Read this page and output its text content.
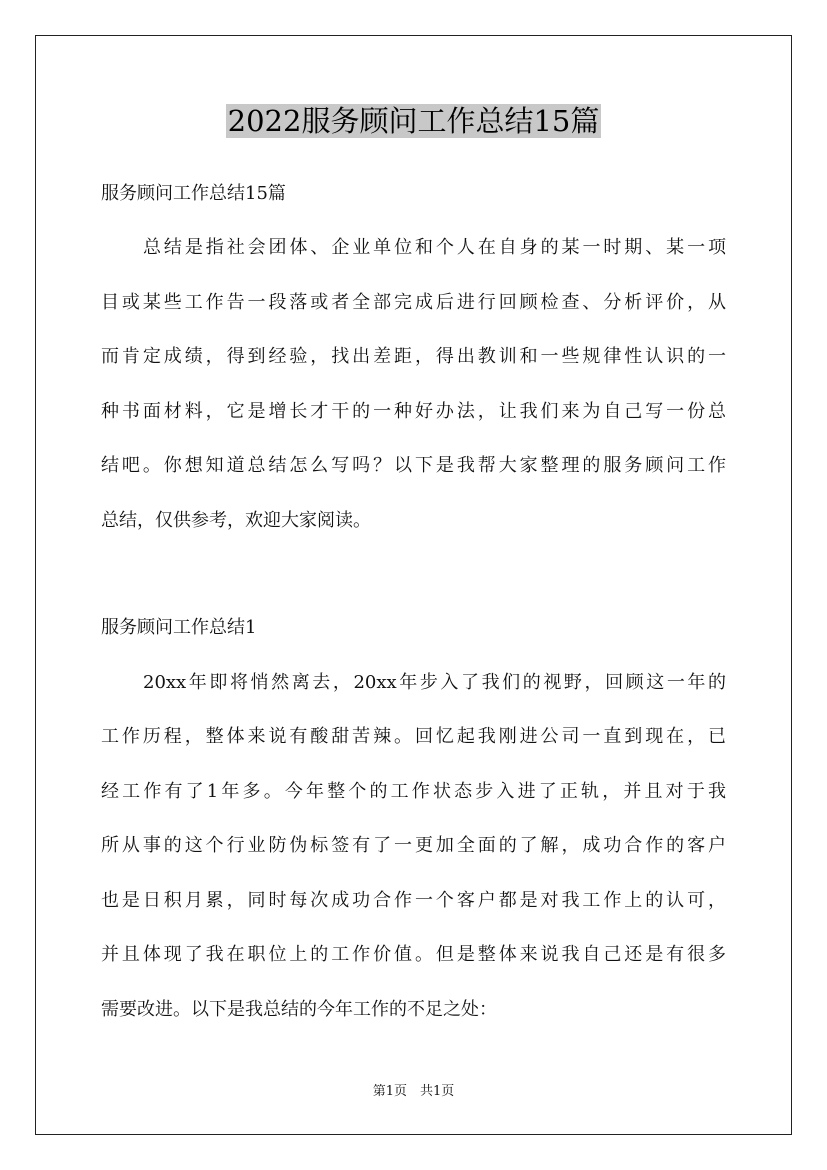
2022服务顾问工作总结15篇
服务顾问工作总结15篇
总结是指社会团体、企业单位和个人在自身的某一时期、某一项
目或某些工作告一段落或者全部完成后进行回顾检查、分析评价，从
而肯定成绩，得到经验，找出差距，得出教训和一些规律性认识的一
种书面材料，它是增长才干的一种好办法，让我们来为自己写一份总
结吧。你想知道总结怎么写吗？以下是我帮大家整理的服务顾问工作
总结，仅供参考，欢迎大家阅读。
服务顾问工作总结1
20xx年即将悄然离去，20xx年步入了我们的视野，回顾这一年的
工作历程，整体来说有酸甜苦辣。回忆起我刚进公司一直到现在，已
经工作有了1年多。今年整个的工作状态步入进了正轨，并且对于我
所从事的这个行业防伪标签有了一更加全面的了解，成功合作的客户
也是日积月累，同时每次成功合作一个客户都是对我工作上的认可，
并且体现了我在职位上的工作价值。但是整体来说我自己还是有很多
需要改进。以下是我总结的今年工作的不足之处：
第1页　共1页
